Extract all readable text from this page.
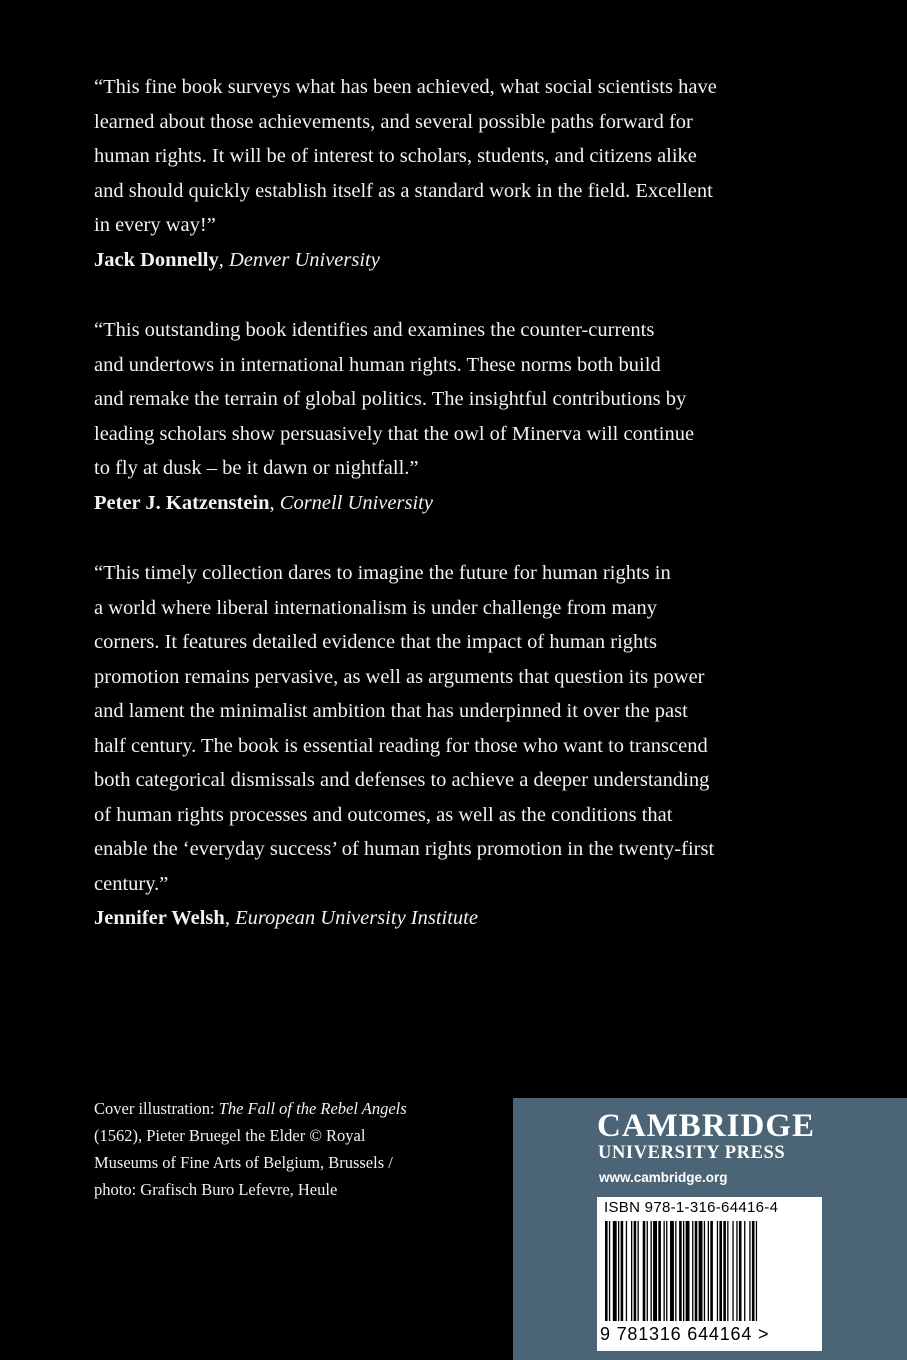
“This fine book surveys what has been achieved, what social scientists have

learned about those achievements, and several possible paths forward for

human rights. It will be of interest to scholars, students, and citizens alike

and should quickly establish itself as a standard work in the field. Excellent

in every way!”

Jack Donnelly, Denver University

“This outstanding book identifies and examines the counter-currents

and undertows in international human rights. These norms both build

and remake the terrain of global politics. The insightful contributions by

leading scholars show persuasively that the owl of Minerva will continue

to fly at dusk – be it dawn or nightfall.”

Peter J. Katzenstein, Cornell University

“This timely collection dares to imagine the future for human rights in

a world where liberal internationalism is under challenge from many

corners. It features detailed evidence that the impact of human rights

promotion remains pervasive, as well as arguments that question its power

and lament the minimalist ambition that has underpinned it over the past

half century. The book is essential reading for those who want to transcend

both categorical dismissals and defenses to achieve a deeper understanding

of human rights processes and outcomes, as well as the conditions that

enable the ‘everyday success’ of human rights promotion in the twenty-first

century.”

Jennifer Welsh, European University Institute
Cover illustration: The Fall of the Rebel Angels
(1562), Pieter Bruegel the Elder © Royal
Museums of Fine Arts of Belgium, Brussels /
photo: Grafisch Buro Lefevre, Heule
CAMBRIDGE
UNIVERSITY PRESS
www.cambridge.org
ISBN 978-1-316-64416-4
9 781316 644164 >
